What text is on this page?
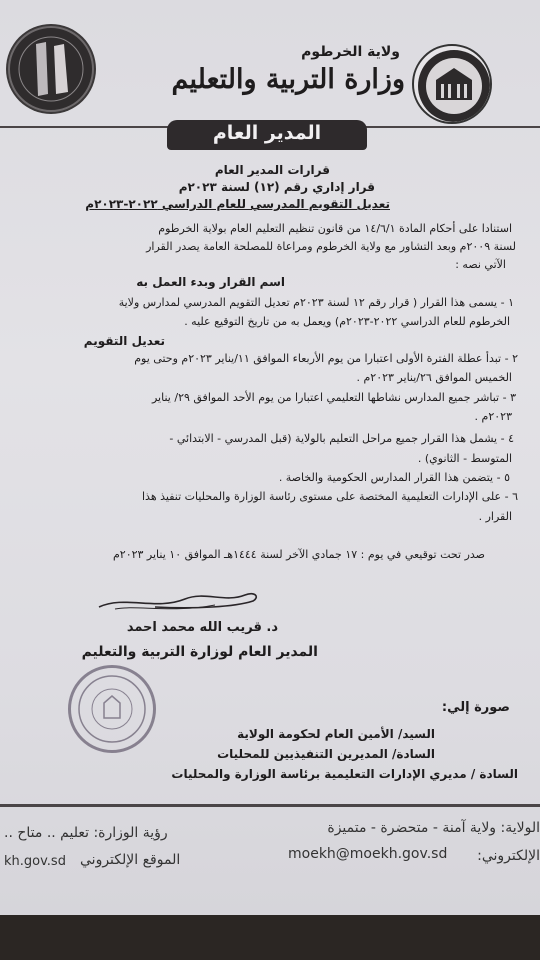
ولاية الخرطوم
وزارة التربية والتعليم
المدير العام
قرارات المدير العام
قرار إداري رقم (١٢) لسنة ٢٠٢٣م
تعديل التقويم المدرسي للعام الدراسي ٢٠٢٢-٢٠٢٣م
استنادا على أحكام المادة ١٤/٦/١ من قانون تنظيم التعليم العام بولاية الخرطوم
لسنة ٢٠٠٩م وبعد التشاور مع ولاية الخرطوم ومراعاة للمصلحة العامة يصدر القرار
الآتي نصه :
اسم القرار وبدء العمل به
١ - يسمى هذا القرار ( قرار رقم ١٢ لسنة ٢٠٢٣م تعديل التقويم المدرسي لمدارس ولاية
الخرطوم للعام الدراسي ٢٠٢٢-٢٠٢٣م) ويعمل به من تاريخ التوقيع عليه .
تعديل التقويم
٢ - تبدأ عطلة الفترة الأولى اعتبارا من يوم الأربعاء الموافق ١١/يناير ٢٠٢٣م وحتى يوم
الخميس الموافق ٢٦/يناير ٢٠٢٣م .
٣ - تباشر جميع المدارس نشاطها التعليمي اعتبارا من يوم الأحد الموافق ٢٩/ يناير
٢٠٢٣م .
٤ - يشمل هذا القرار جميع مراحل التعليم بالولاية (قبل المدرسي - الابتدائي -
المتوسط - الثانوي) .
٥ - يتضمن هذا القرار المدارس الحكومية والخاصة .
٦ - على الإدارات التعليمية المختصة على مستوى رئاسة الوزارة والمحليات تنفيذ هذا
القرار .
صدر تحت توقيعي في يوم : ١٧ جمادي الآخر لسنة ١٤٤٤هـ الموافق ١٠ يناير ٢٠٢٣م
د. قريب الله محمد احمد
المدير العام لوزارة التربية والتعليم
صورة إلي:
السيد/ الأمين العام لحكومة الولاية
السادة/ المديرين التنفيذيين للمحليات
السادة / مديري الإدارات التعليمية برئاسة الوزارة والمحليات
رؤية الوزارة: تعليم .. متاح ..
الموقع الإلكتروني
kh.gov.sd
الولاية: ولاية آمنة - متحضرة - متميزة
الإلكتروني:
moekh@moekh.gov.sd
